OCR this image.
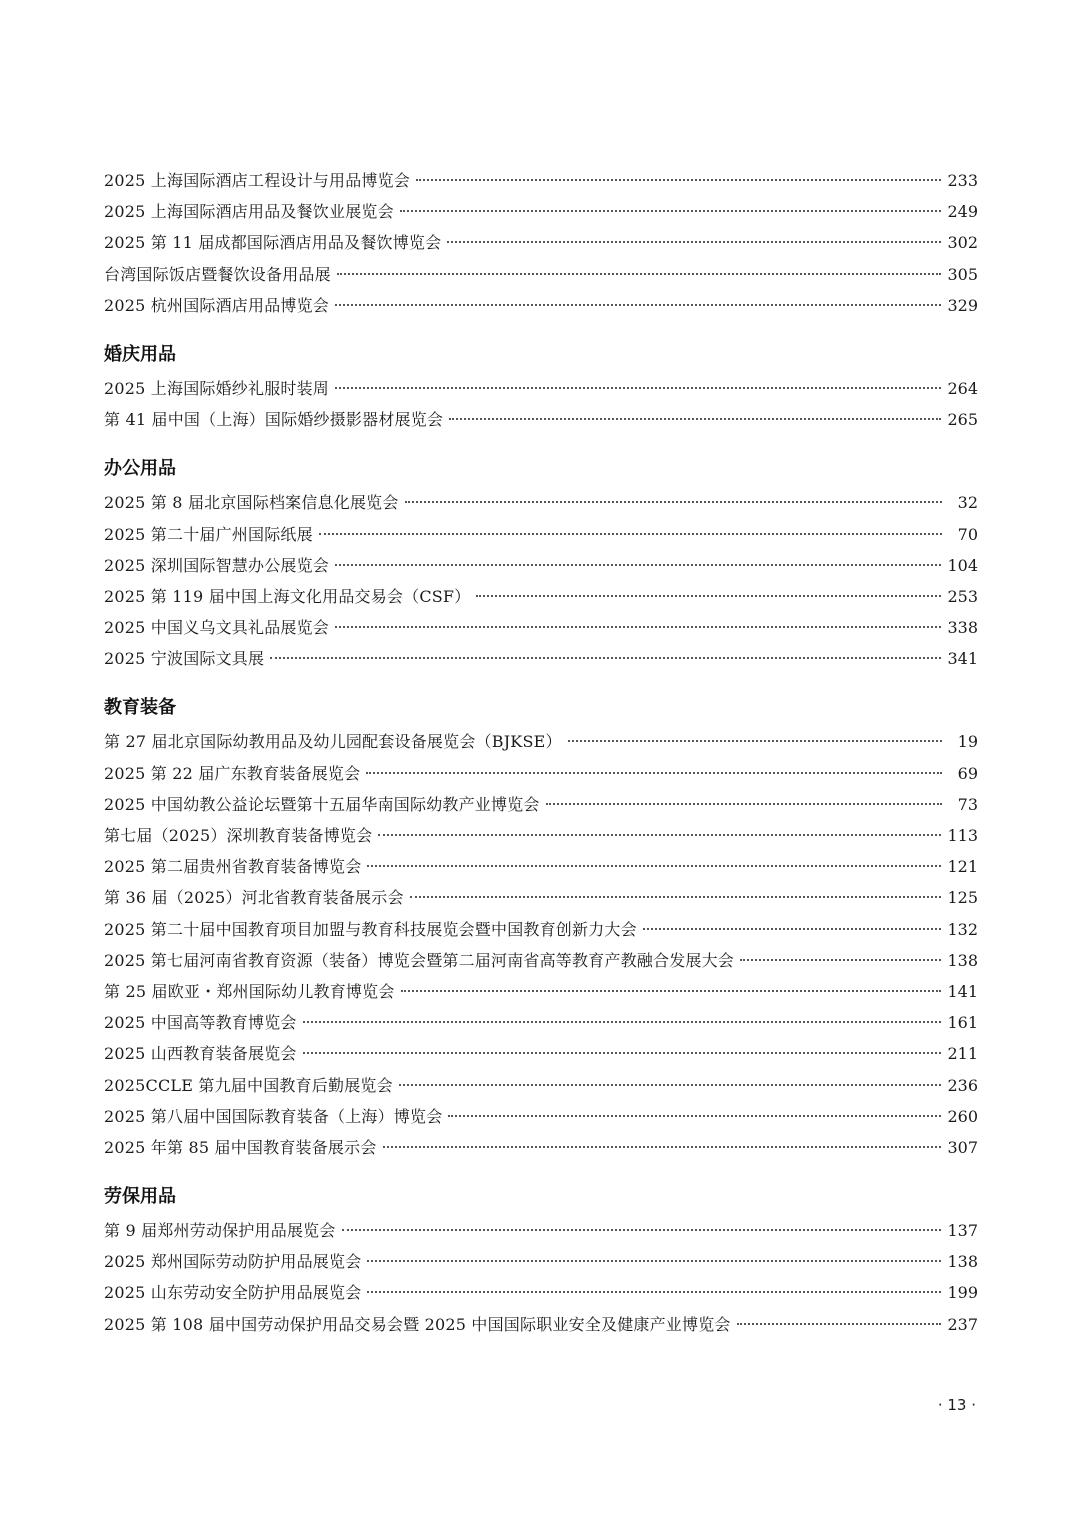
2025 上海国际酒店工程设计与用品博览会	233
2025 上海国际酒店用品及餐饮业展览会	249
2025 第 11 届成都国际酒店用品及餐饮博览会	302
台湾国际饭店暨餐饮设备用品展	305
2025 杭州国际酒店用品博览会	329
婚庆用品
2025 上海国际婚纱礼服时装周	264
第 41 届中国（上海）国际婚纱摄影器材展览会	265
办公用品
2025 第 8 届北京国际档案信息化展览会	32
2025 第二十届广州国际纸展	70
2025 深圳国际智慧办公展览会	104
2025 第 119 届中国上海文化用品交易会（CSF）	253
2025 中国义乌文具礼品展览会	338
2025 宁波国际文具展	341
教育装备
第 27 届北京国际幼教用品及幼儿园配套设备展览会（BJKSE）	19
2025 第 22 届广东教育装备展览会	69
2025 中国幼教公益论坛暨第十五届华南国际幼教产业博览会	73
第七届（2025）深圳教育装备博览会	113
2025 第二届贵州省教育装备博览会	121
第 36 届（2025）河北省教育装备展示会	125
2025 第二十届中国教育项目加盟与教育科技展览会暨中国教育创新力大会	132
2025 第七届河南省教育资源（装备）博览会暨第二届河南省高等教育产教融合发展大会	138
第 25 届欧亚・郑州国际幼儿教育博览会	141
2025 中国高等教育博览会	161
2025 山西教育装备展览会	211
2025CCLE 第九届中国教育后勤展览会	236
2025 第八届中国国际教育装备（上海）博览会	260
2025 年第 85 届中国教育装备展示会	307
劳保用品
第 9 届郑州劳动保护用品展览会	137
2025 郑州国际劳动防护用品展览会	138
2025 山东劳动安全防护用品展览会	199
2025 第 108 届中国劳动保护用品交易会暨 2025 中国国际职业安全及健康产业博览会	237
· 13 ·
